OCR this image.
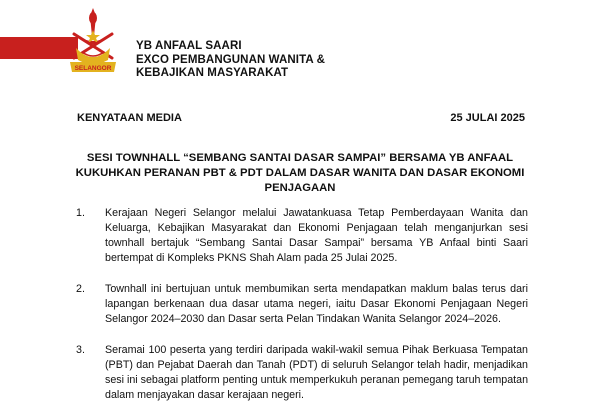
SELANGOR
YB ANFAAL SAARI
EXCO PEMBANGUNAN WANITA &
KEBAJIKAN MASYARAKAT
KENYATAAN MEDIA	25 JULAI 2025
SESI TOWNHALL “SEMBANG SANTAI DASAR SAMPAI” BERSAMA YB ANFAAL
KUKUHKAN PERANAN PBT & PDT DALAM DASAR WANITA DAN DASAR EKONOMI
PENJAGAAN
1.	Kerajaan Negeri Selangor melalui Jawatankuasa Tetap Pemberdayaan Wanita dan Keluarga, Kebajikan Masyarakat dan Ekonomi Penjagaan telah menganjurkan sesi townhall bertajuk “Sembang Santai Dasar Sampai” bersama YB Anfaal binti Saari bertempat di Kompleks PKNS Shah Alam pada 25 Julai 2025.
2.	Townhall ini bertujuan untuk membumikan serta mendapatkan maklum balas terus dari lapangan berkenaan dua dasar utama negeri, iaitu Dasar Ekonomi Penjagaan Negeri Selangor 2024–2030 dan Dasar serta Pelan Tindakan Wanita Selangor 2024–2026.
3.	Seramai 100 peserta yang terdiri daripada wakil-wakil semua Pihak Berkuasa Tempatan (PBT) dan Pejabat Daerah dan Tanah (PDT) di seluruh Selangor telah hadir, menjadikan sesi ini sebagai platform penting untuk memperkukuh peranan pemegang taruh tempatan dalam menjayakan dasar kerajaan negeri.
